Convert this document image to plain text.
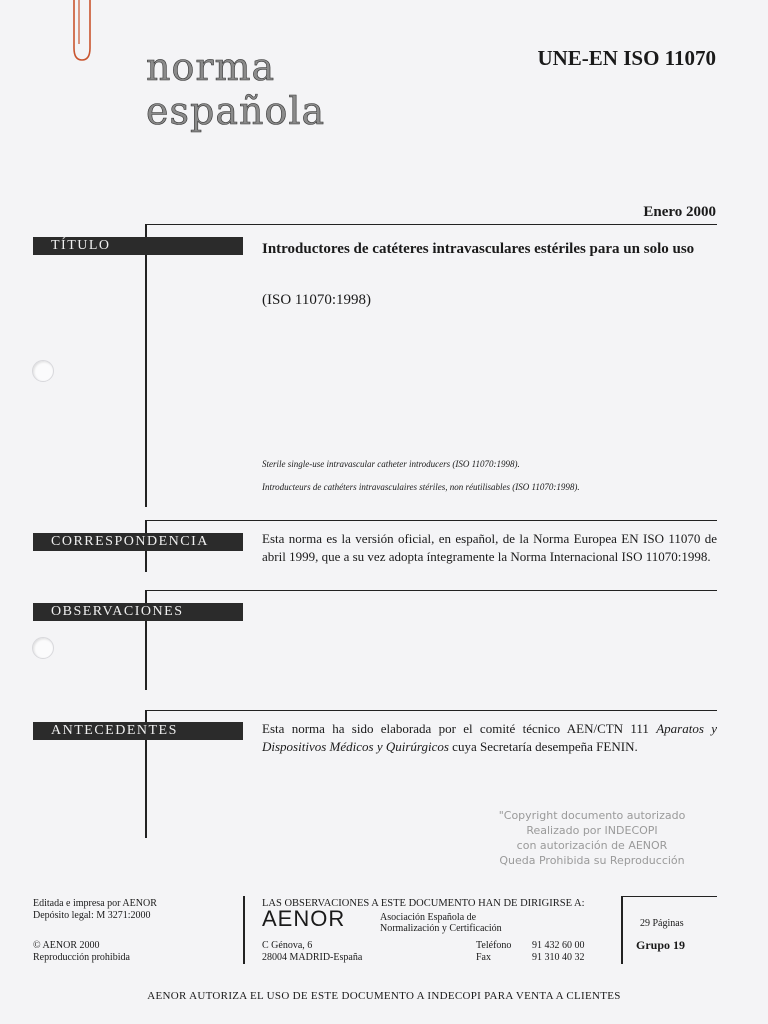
norma
española
UNE-EN ISO 11070
Enero 2000
TÍTULO
CORRESPONDENCIA
OBSERVACIONES
ANTECEDENTES
Introductores de catéteres intravasculares estériles para un solo uso
(ISO 11070:1998)
Sterile single-use intravascular catheter introducers (ISO 11070:1998).
Introducteurs de cathéters intravasculaires stériles, non réutilisables (ISO 11070:1998).
Esta norma es la versión oficial, en español, de la Norma Europea EN ISO 11070 de abril 1999, que a su vez adopta íntegramente la Norma Internacional ISO 11070:1998.
Esta norma ha sido elaborada por el comité técnico AEN/CTN 111 Aparatos y Dispositivos Médicos y Quirúrgicos cuya Secretaría desempeña FENIN.
"Copyright documento autorizado
Realizado por INDECOPI
con autorización de AENOR
Queda Prohibida su Reproducción
Editada e impresa por AENOR
Depósito legal: M 3271:2000
© AENOR 2000
Reproducción prohibida
LAS OBSERVACIONES A ESTE DOCUMENTO HAN DE DIRIGIRSE A:
AENOR	Asociación Española de
Normalización y Certificación
C Génova, 6
28004 MADRID-España
Teléfono 91 432 60 00
Fax	91 310 40 32
29 Páginas
Grupo 19
AENOR AUTORIZA EL USO DE ESTE DOCUMENTO A INDECOPI PARA VENTA A CLIENTES
